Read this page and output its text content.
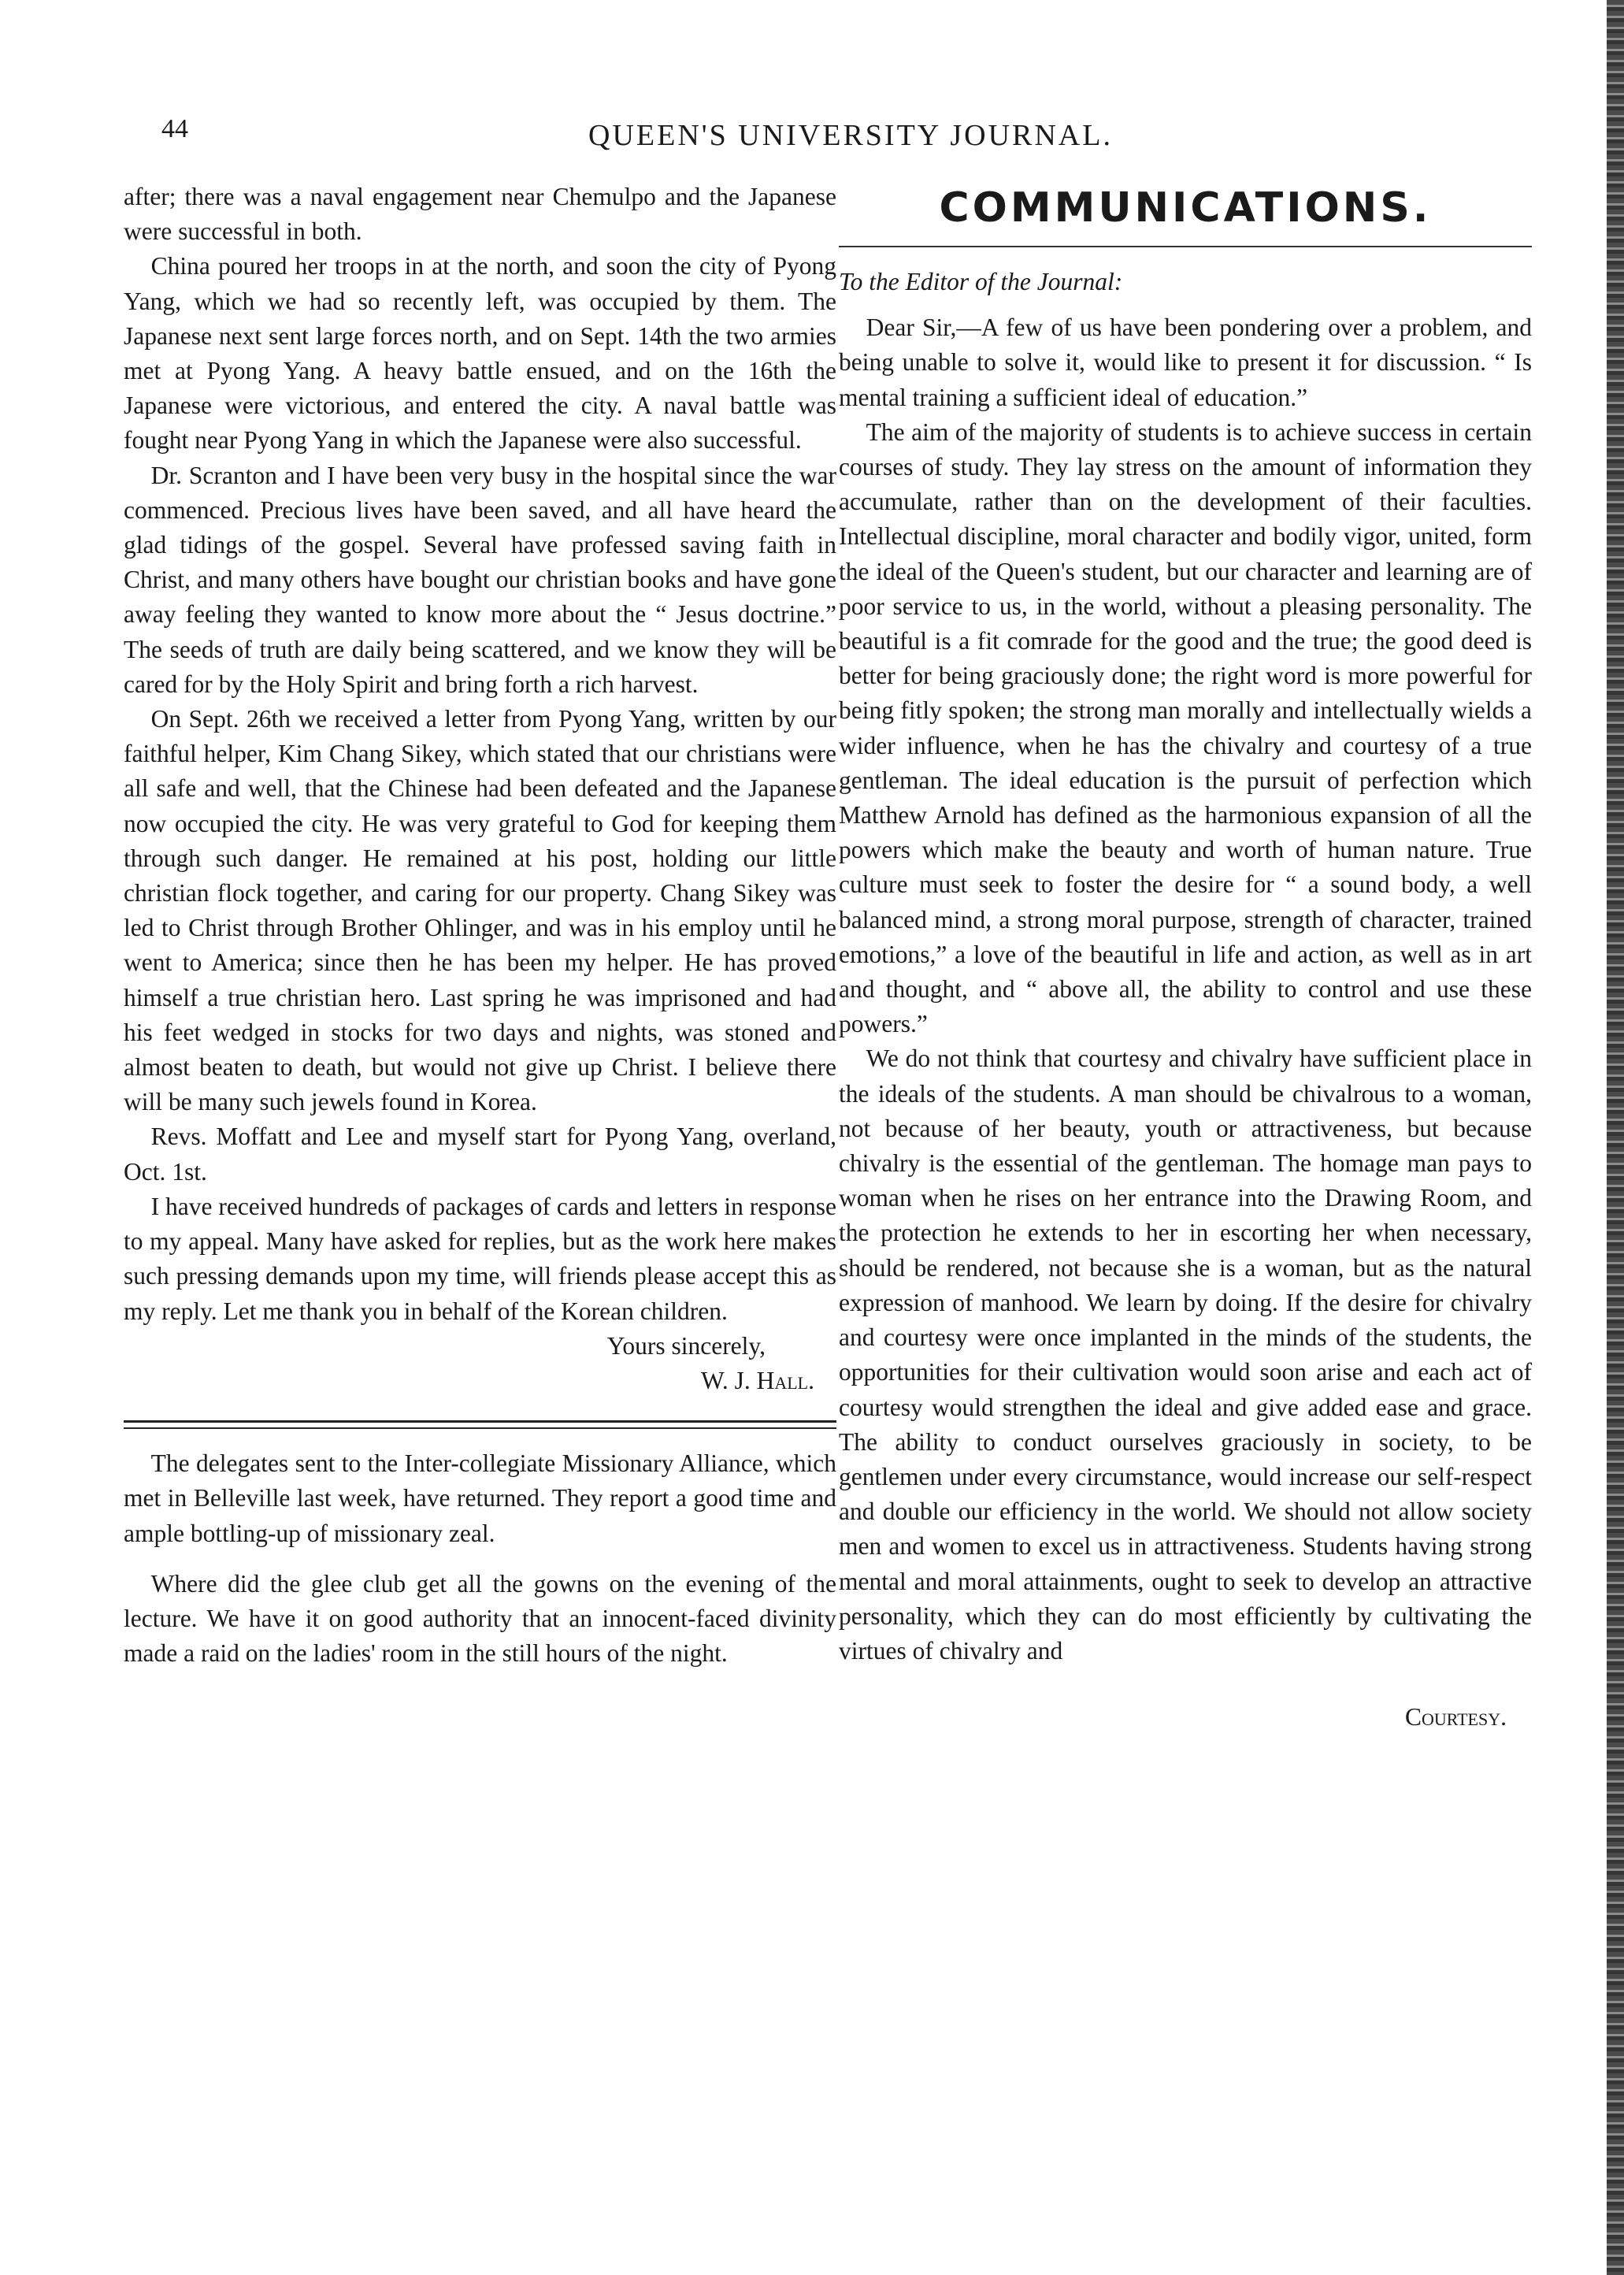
44	QUEEN'S UNIVERSITY JOURNAL.

after; there was a naval engagement near Chemulpo and the Japanese were successful in both.

China poured her troops in at the north, and soon the city of Pyong Yang, which we had so recently left, was occupied by them. The Japanese next sent large forces north, and on Sept. 14th the two armies met at Pyong Yang. A heavy battle ensued, and on the 16th the Japanese were victorious, and entered the city. A naval battle was fought near Pyong Yang in which the Japanese were also successful.

Dr. Scranton and I have been very busy in the hospital since the war commenced. Precious lives have been saved, and all have heard the glad tidings of the gospel. Several have professed saving faith in Christ, and many others have bought our christian books and have gone away feeling they wanted to know more about the “ Jesus doctrine.” The seeds of truth are daily being scattered, and we know they will be cared for by the Holy Spirit and bring forth a rich harvest.

On Sept. 26th we received a letter from Pyong Yang, written by our faithful helper, Kim Chang Sikey, which stated that our christians were all safe and well, that the Chinese had been defeated and the Japanese now occupied the city. He was very grateful to God for keeping them through such danger. He remained at his post, holding our little christian flock together, and caring for our property. Chang Sikey was led to Christ through Brother Ohlinger, and was in his employ until he went to America; since then he has been my helper. He has proved himself a true christian hero. Last spring he was imprisoned and had his feet wedged in stocks for two days and nights, was stoned and almost beaten to death, but would not give up Christ. I believe there will be many such jewels found in Korea.

Revs. Moffatt and Lee and myself start for Pyong Yang, overland, Oct. 1st.

I have received hundreds of packages of cards and letters in response to my appeal. Many have asked for replies, but as the work here makes such pressing demands upon my time, will friends please accept this as my reply. Let me thank you in behalf of the Korean children.

Yours sincerely,

W. J. Hall.

The delegates sent to the Inter-collegiate Missionary Alliance, which met in Belleville last week, have returned. They report a good time and ample bottling-up of missionary zeal.

Where did the glee club get all the gowns on the evening of the lecture. We have it on good authority that an innocent-faced divinity made a raid on the ladies' room in the still hours of the night.

COMMUNICATIONS.

To the Editor of the Journal:

Dear Sir,—A few of us have been pondering over a problem, and being unable to solve it, would like to present it for discussion. “ Is mental training a sufficient ideal of education.”

The aim of the majority of students is to achieve success in certain courses of study. They lay stress on the amount of information they accumulate, rather than on the development of their faculties. Intellectual discipline, moral character and bodily vigor, united, form the ideal of the Queen's student, but our character and learning are of poor service to us, in the world, without a pleasing personality. The beautiful is a fit comrade for the good and the true; the good deed is better for being graciously done; the right word is more powerful for being fitly spoken; the strong man morally and intellectually wields a wider influence, when he has the chivalry and courtesy of a true gentleman. The ideal education is the pursuit of perfection which Matthew Arnold has defined as the harmonious expansion of all the powers which make the beauty and worth of human nature. True culture must seek to foster the desire for “ a sound body, a well balanced mind, a strong moral purpose, strength of character, trained emotions,” a love of the beautiful in life and action, as well as in art and thought, and “ above all, the ability to control and use these powers.”

We do not think that courtesy and chivalry have sufficient place in the ideals of the students. A man should be chivalrous to a woman, not because of her beauty, youth or attractiveness, but because chivalry is the essential of the gentleman. The homage man pays to woman when he rises on her entrance into the Drawing Room, and the protection he extends to her in escorting her when necessary, should be rendered, not because she is a woman, but as the natural expression of manhood. We learn by doing. If the desire for chivalry and courtesy were once implanted in the minds of the students, the opportunities for their cultivation would soon arise and each act of courtesy would strengthen the ideal and give added ease and grace. The ability to conduct ourselves graciously in society, to be gentlemen under every circumstance, would increase our self-respect and double our efficiency in the world. We should not allow society men and women to excel us in attractiveness. Students having strong mental and moral attainments, ought to seek to develop an attractive personality, which they can do most efficiently by cultivating the virtues of chivalry and

Courtesy.
